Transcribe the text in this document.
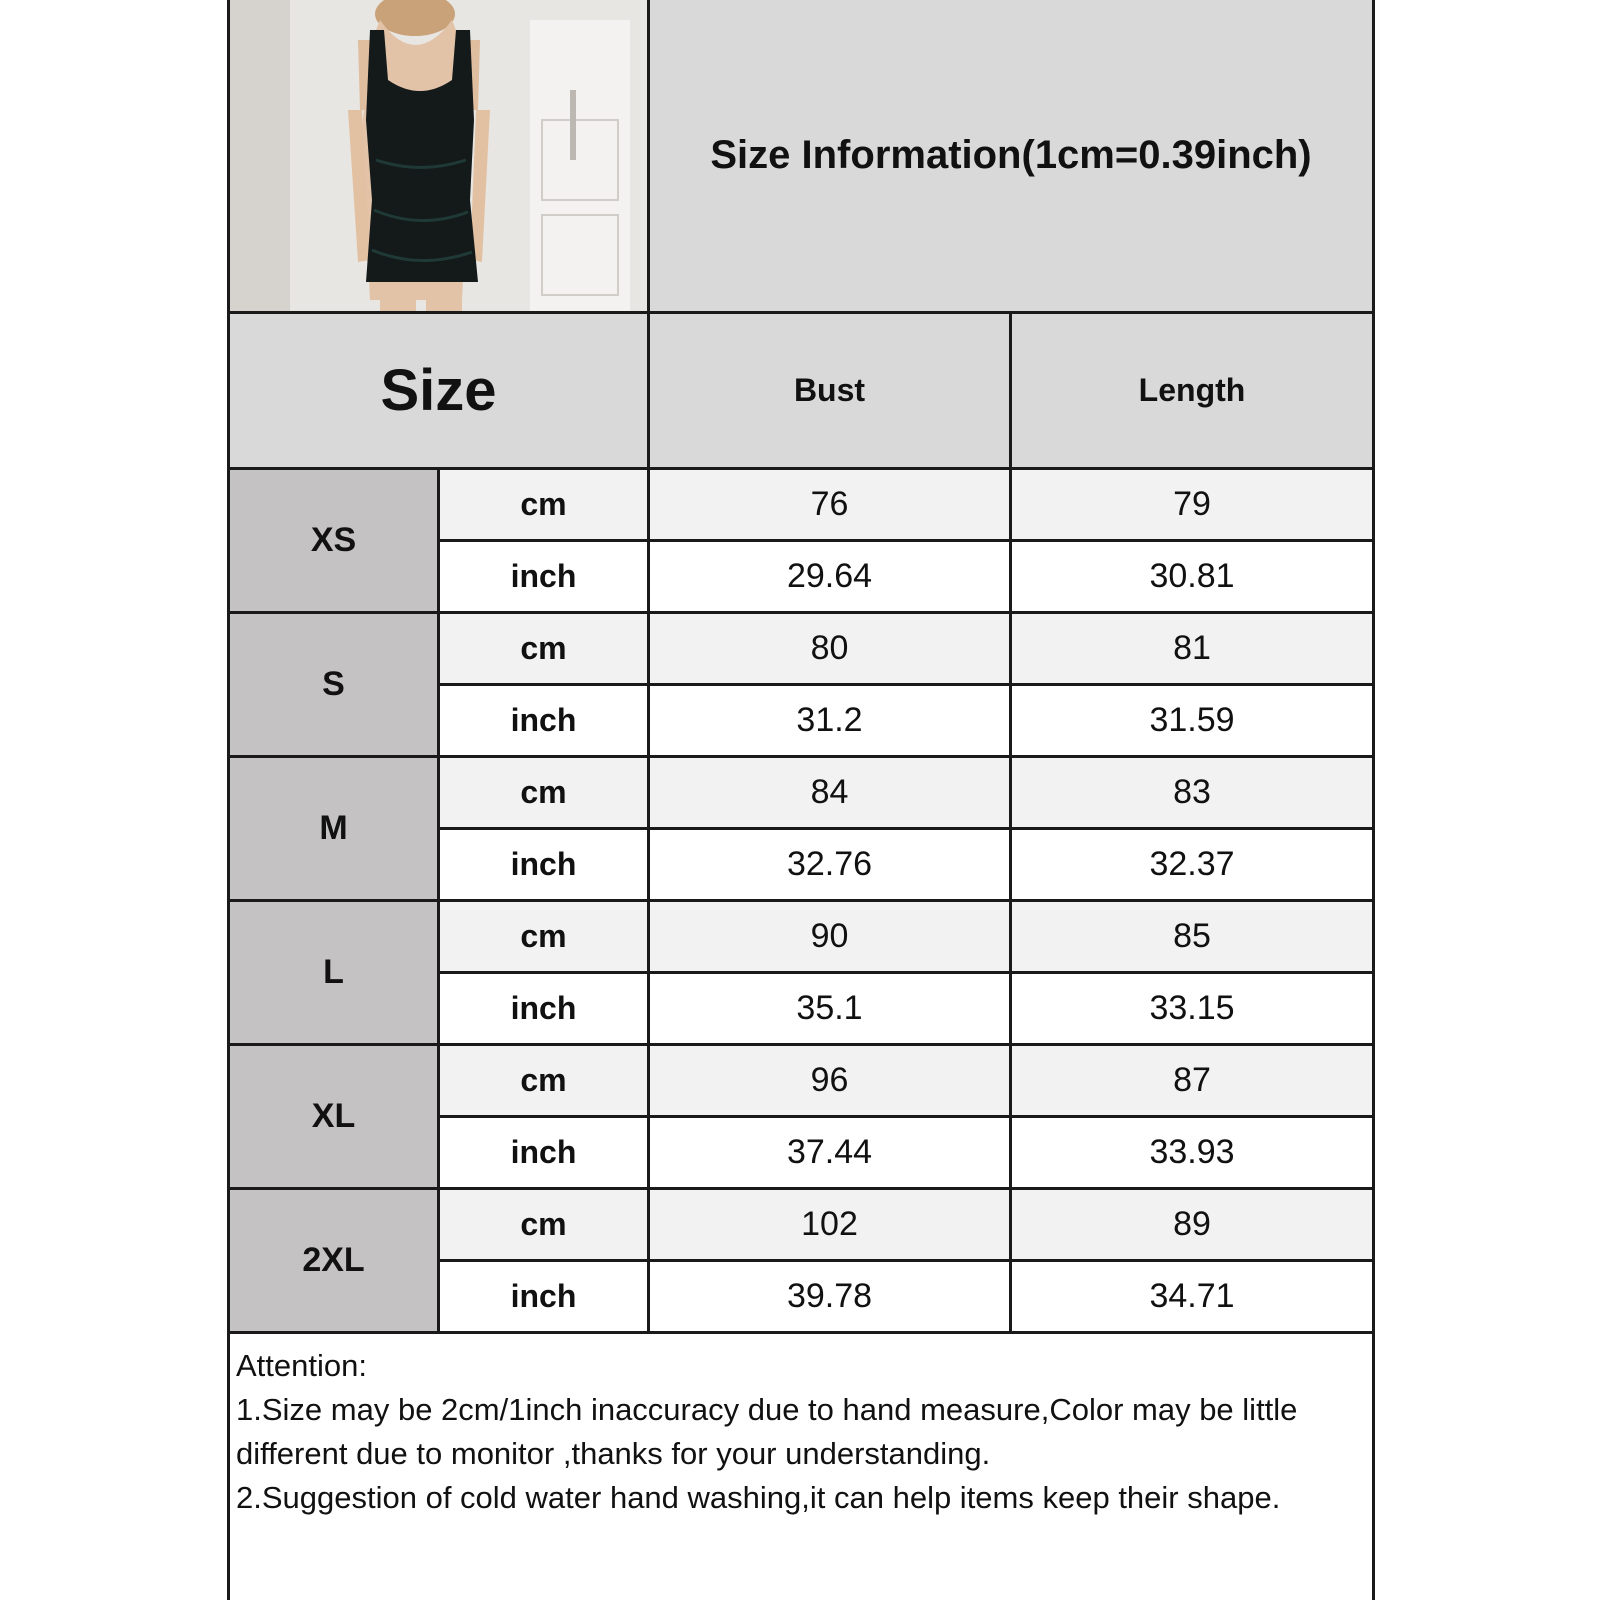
Size Information(1cm=0.39inch)
Size	Bust	Length
XS
cm	76	79
inch	29.64	30.81
S
cm	80	81
inch	31.2	31.59
M
cm	84	83
inch	32.76	32.37
L
cm	90	85
inch	35.1	33.15
XL
cm	96	87
inch	37.44	33.93
2XL
cm	102	89
inch	39.78	34.71

Attention:

1.Size may be 2cm/1inch inaccuracy due to hand measure,Color may be little different due to monitor ,thanks for your understanding.

2.Suggestion of cold water hand washing,it can help items keep their shape.
